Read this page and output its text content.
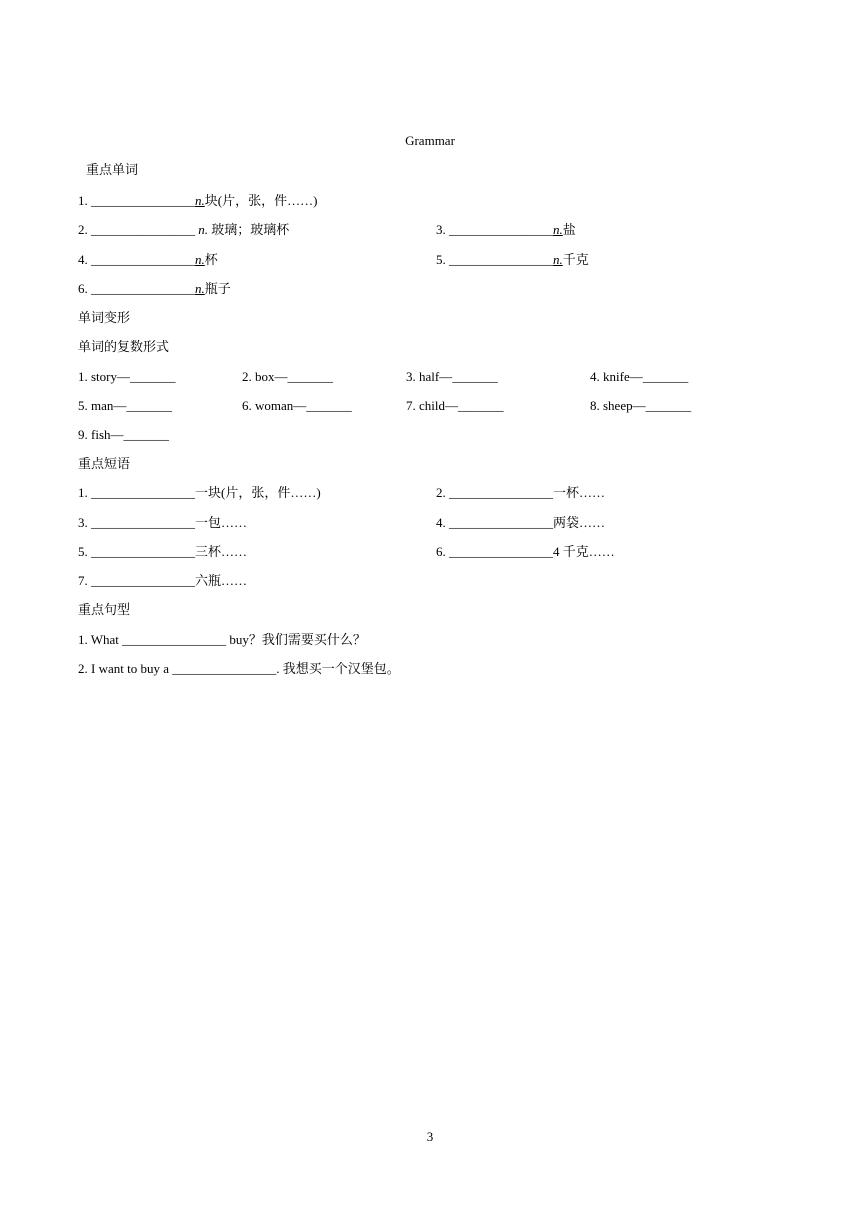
Grammar
重点单词
1. ________________n.块(片，张，件……)
2. ________________ n. 玻璃；玻璃杯	3. ________________n.盐
4. ________________n.杯	5. ________________n.千克
6. ________________n.瓶子
单词变形
单词的复数形式
1. story—_______	2. box—_______	3. half—_______	4. knife—_______
5. man—_______	6. woman—_______	7. child—_______	8. sheep—_______
9. fish—_______
重点短语
1. ________________一块(片，张，件……)	2. ________________一杯……
3. ________________一包……	4. ________________两袋……
5. ________________三杯……	6. ________________4 千克……
7. ________________六瓶……
重点句型
1. What ________________ buy？我们需要买什么？
2. I want to buy a ________________. 我想买一个汉堡包。
3
